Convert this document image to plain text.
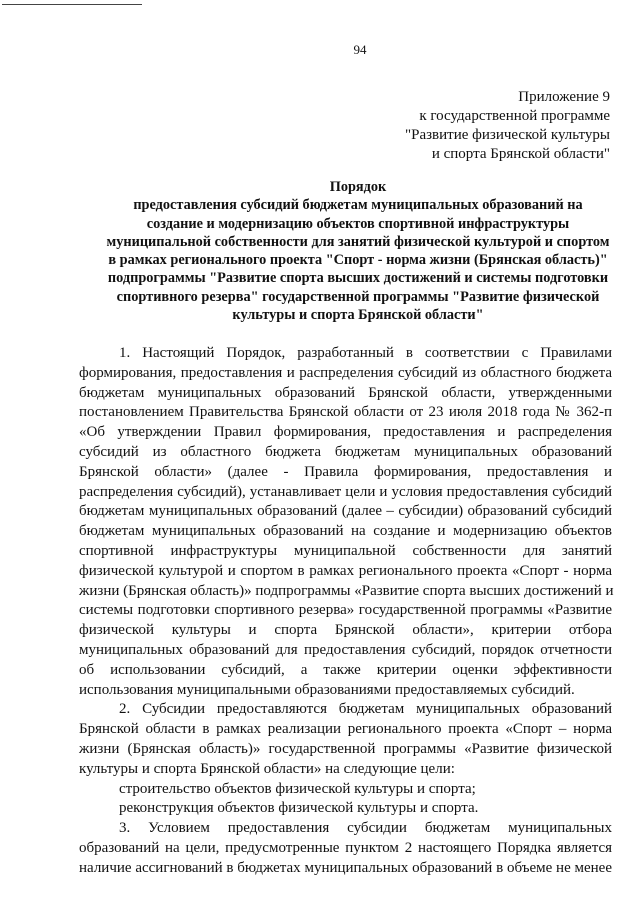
94
Приложение 9
к государственной программе
"Развитие физической культуры
и спорта Брянской области"
Порядок
предоставления субсидий бюджетам муниципальных образований на
создание и модернизацию объектов спортивной инфраструктуры
муниципальной собственности для занятий физической культурой и спортом
в рамках регионального проекта "Спорт - норма жизни (Брянская область)"
подпрограммы "Развитие спорта высших достижений и системы подготовки
спортивного резерва" государственной программы "Развитие физической
культуры и спорта Брянской области"
1. Настоящий Порядок, разработанный в соответствии с Правилами
формирования, предоставления и распределения субсидий из областного бюджета
бюджетам муниципальных образований Брянской области, утвержденными
постановлением Правительства Брянской области от 23 июля 2018 года № 362-п
«Об утверждении Правил формирования, предоставления и распределения
субсидий из областного бюджета бюджетам муниципальных образований
Брянской области» (далее - Правила формирования, предоставления и
распределения субсидий), устанавливает цели и условия предоставления субсидий
бюджетам муниципальных образований (далее – субсидии) образований субсидий
бюджетам муниципальных образований на создание и модернизацию объектов
спортивной инфраструктуры муниципальной собственности для занятий
физической культурой и спортом в рамках регионального проекта «Спорт - норма
жизни (Брянская область)» подпрограммы «Развитие спорта высших достижений и
системы подготовки спортивного резерва» государственной программы «Развитие
физической культуры и спорта Брянской области», критерии отбора
муниципальных образований для предоставления субсидий, порядок отчетности
об использовании субсидий, а также критерии оценки эффективности
использования муниципальными образованиями предоставляемых субсидий.
2. Субсидии предоставляются бюджетам муниципальных образований
Брянской области в рамках реализации регионального проекта «Спорт – норма
жизни (Брянская область)» государственной программы «Развитие физической
культуры и спорта Брянской области» на следующие цели:
строительство объектов физической культуры и спорта;
реконструкция объектов физической культуры и спорта.
3. Условием предоставления субсидии бюджетам муниципальных
образований на цели, предусмотренные пунктом 2 настоящего Порядка является
наличие ассигнований в бюджетах муниципальных образований в объеме не менее
